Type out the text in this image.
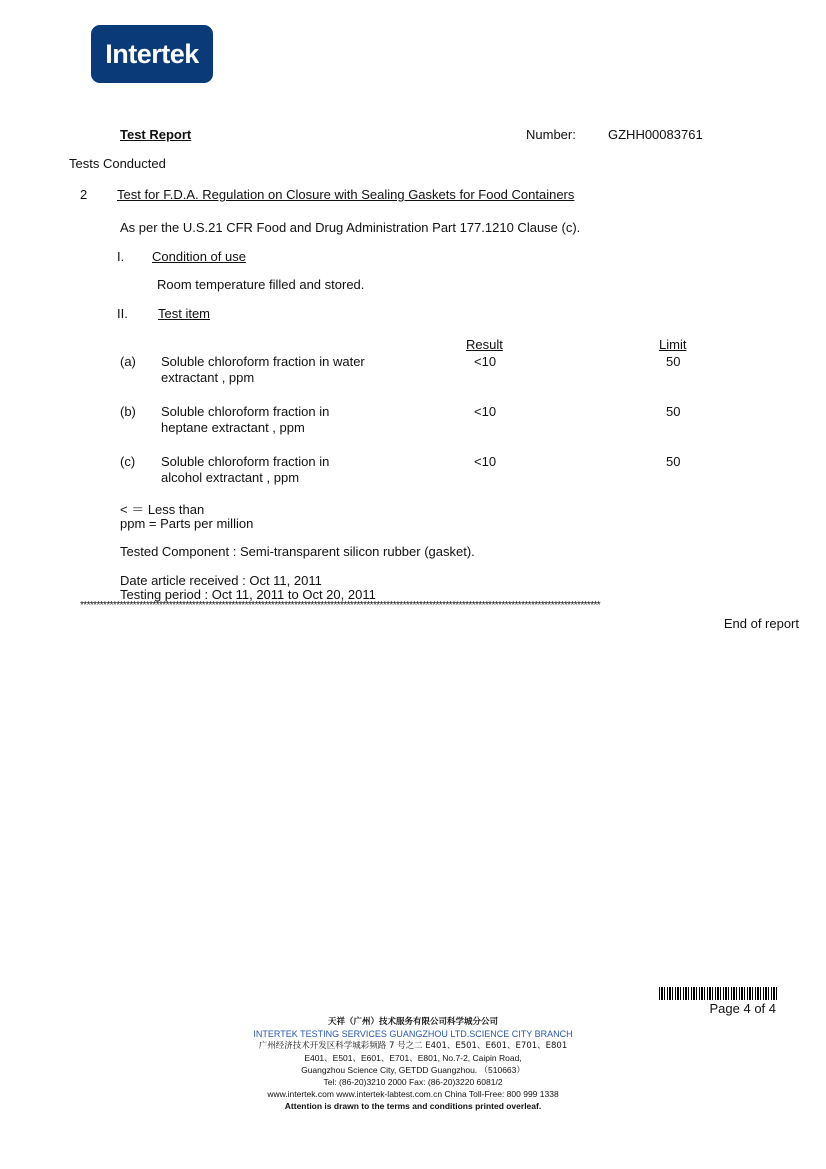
Intertek
Test Report	Number: GZHH00083761
Tests Conducted
2 Test for F.D.A. Regulation on Closure with Sealing Gaskets for Food Containers
As per the U.S.21 CFR Food and Drug Administration Part 177.1210 Clause (c).
I. Condition of use
Room temperature filled and stored.
II. Test item
Result	Limit
(a) Soluble chloroform fraction in water
extractant , ppm
<10	50
(b) Soluble chloroform fraction in
heptane extractant , ppm
<10	50
(c) Soluble chloroform fraction in
alcohol extractant , ppm
<10	50
< ＝ Less than
ppm = Parts per million
Tested Component : Semi-transparent silicon rubber (gasket).
Date article received : Oct 11, 2011
Testing period : Oct 11, 2011 to Oct 20, 2011
**************************************************************************************************************************************************************
End of report
Page 4 of 4
天祥（广州）技术服务有限公司科学城分公司
INTERTEK TESTING SERVICES GUANGZHOU LTD.SCIENCE CITY BRANCH
广州经济技术开发区科学城彩频路 7 号之二 E401、E501、E601、E701、E801
E401、E501、E601、E701、E801, No.7-2, Caipin Road,
Guangzhou Science City, GETDD Guangzhou. （510663）
Tel: (86-20)3210 2000 Fax: (86-20)3220 6081/2
www.intertek.com www.intertek-labtest.com.cn China Toll-Free: 800 999 1338
Attention is drawn to the terms and conditions printed overleaf.
